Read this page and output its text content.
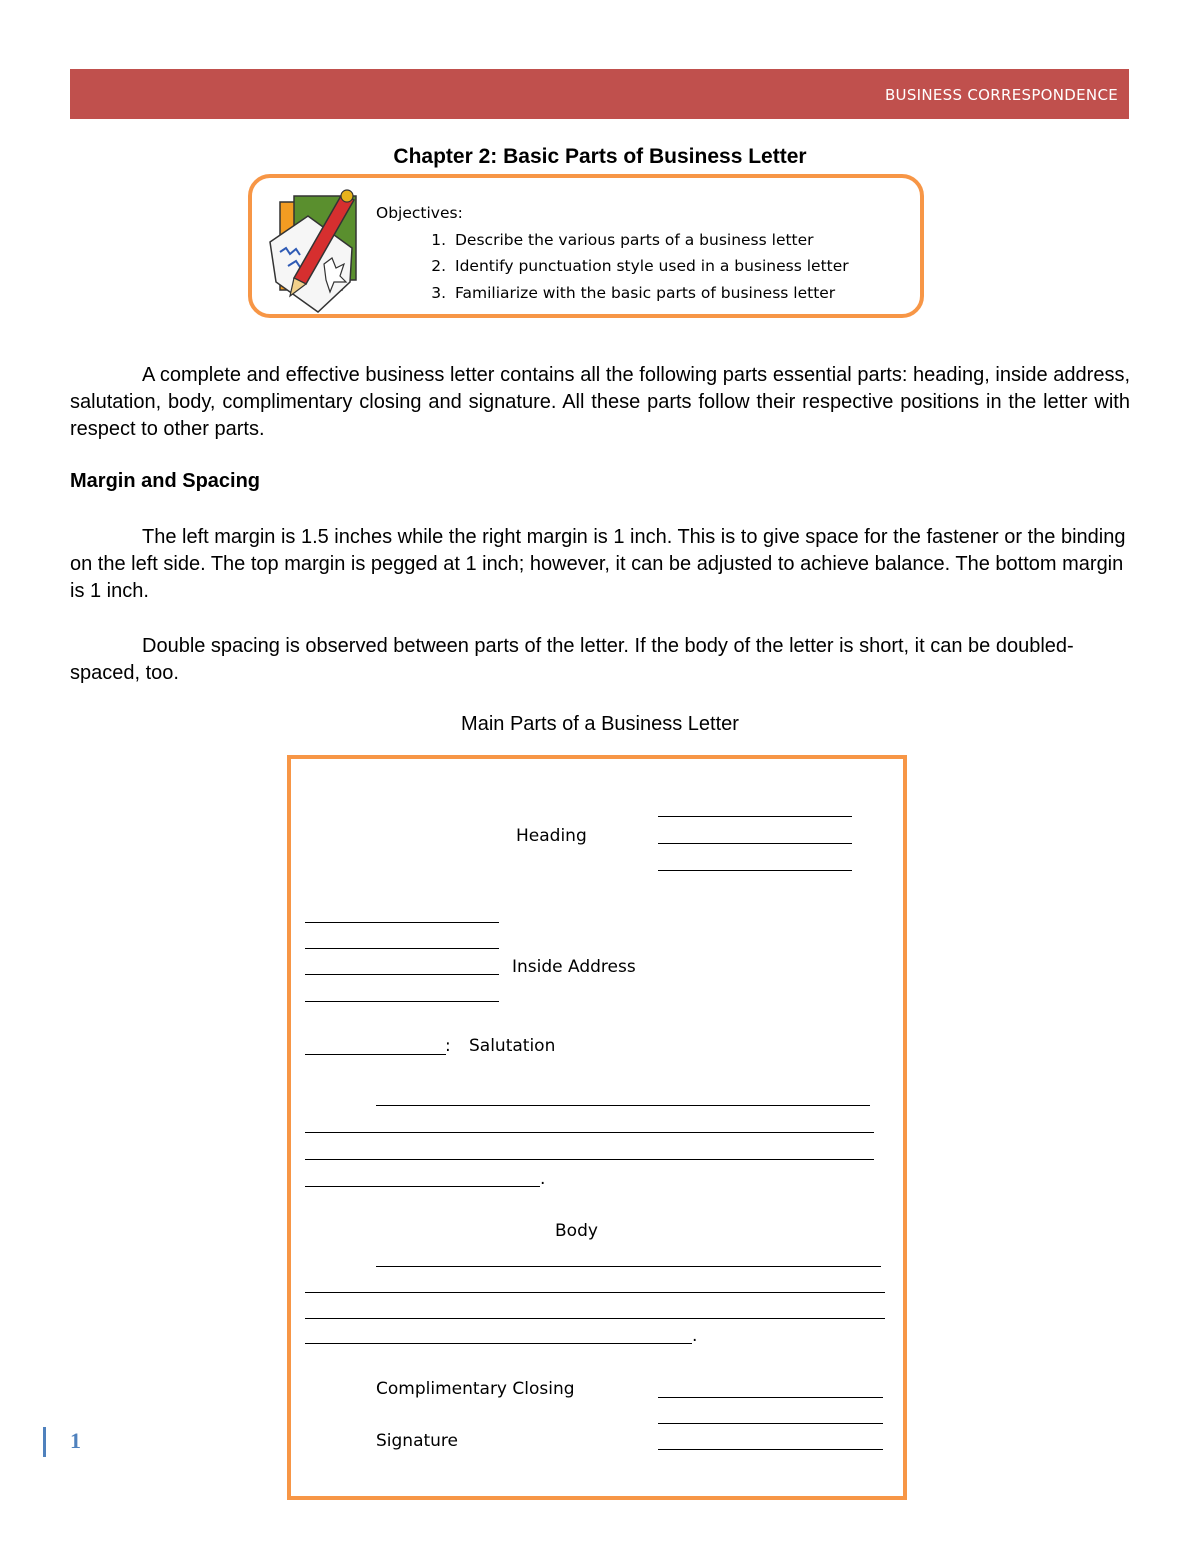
BUSINESS CORRESPONDENCE
Chapter 2: Basic Parts of Business Letter
Objectives:
1. Describe the various parts of a business letter
2. Identify punctuation style used in a business letter
3. Familiarize with the basic parts of business letter

A complete and effective business letter contains all the following parts essential parts: heading, inside address, salutation, body, complimentary closing and signature. All these parts follow their respective positions in the letter with respect to other parts.

Margin and Spacing

The left margin is 1.5 inches while the right margin is 1 inch. This is to give space for the fastener or the binding on the left side. The top margin is pegged at 1 inch; however, it can be adjusted to achieve balance. The bottom margin is 1 inch.

Double spacing is observed between parts of the letter. If the body of the letter is short, it can be doubled-spaced, too.

Main Parts of a Business Letter
Heading
Inside Address
: Salutation
.
Body
.
Complimentary Closing
Signature
1
